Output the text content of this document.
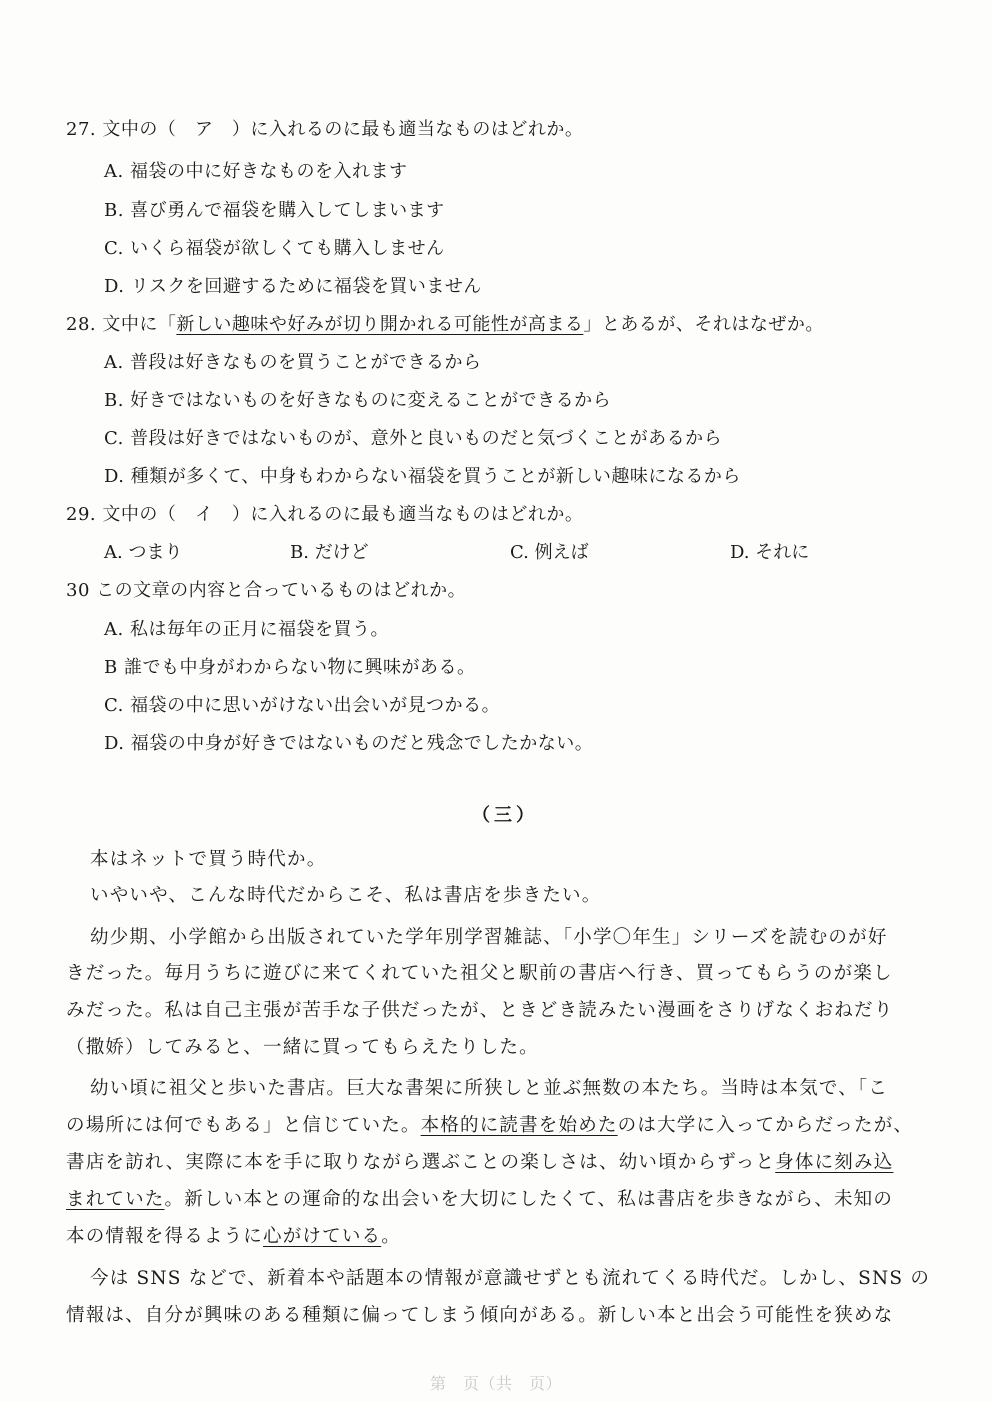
27. 文中の（　ア　）に入れるのに最も適当なものはどれか。
A. 福袋の中に好きなものを入れます
B. 喜び勇んで福袋を購入してしまいます
C. いくら福袋が欲しくても購入しません
D. リスクを回避するために福袋を買いません
28. 文中に「新しい趣味や好みが切り開かれる可能性が高まる」とあるが、それはなぜか。
A. 普段は好きなものを買うことができるから
B. 好きではないものを好きなものに変えることができるから
C. 普段は好きではないものが、意外と良いものだと気づくことがあるから
D. 種類が多くて、中身もわからない福袋を買うことが新しい趣味になるから
29. 文中の（　イ　）に入れるのに最も適当なものはどれか。
A. つまり	B. だけど	C. 例えば	D. それに
30 この文章の内容と合っているものはどれか。
A. 私は毎年の正月に福袋を買う。
B 誰でも中身がわからない物に興味がある。
C. 福袋の中に思いがけない出会いが見つかる。
D. 福袋の中身が好きではないものだと残念でしたかない。
（三）
本はネットで買う時代か。
いやいや、こんな時代だからこそ、私は書店を歩きたい。
幼少期、小学館から出版されていた学年別学習雑誌、「小学〇年生」シリーズを読むのが好
きだった。毎月うちに遊びに来てくれていた祖父と駅前の書店へ行き、買ってもらうのが楽し
みだった。私は自己主張が苦手な子供だったが、ときどき読みたい漫画をさりげなくおねだり
（撒娇）してみると、一緒に買ってもらえたりした。
幼い頃に祖父と歩いた書店。巨大な書架に所狭しと並ぶ無数の本たち。当時は本気で、「こ
の場所には何でもある」と信じていた。本格的に読書を始めたのは大学に入ってからだったが、
書店を訪れ、実際に本を手に取りながら選ぶことの楽しさは、幼い頃からずっと身体に刻み込
まれていた。新しい本との運命的な出会いを大切にしたくて、私は書店を歩きながら、未知の
本の情報を得るように心がけている。
今は SNS などで、新着本や話題本の情報が意識せずとも流れてくる時代だ。しかし、SNS の
情報は、自分が興味のある種類に偏ってしまう傾向がある。新しい本と出会う可能性を狭めな
第　页（共　页）
